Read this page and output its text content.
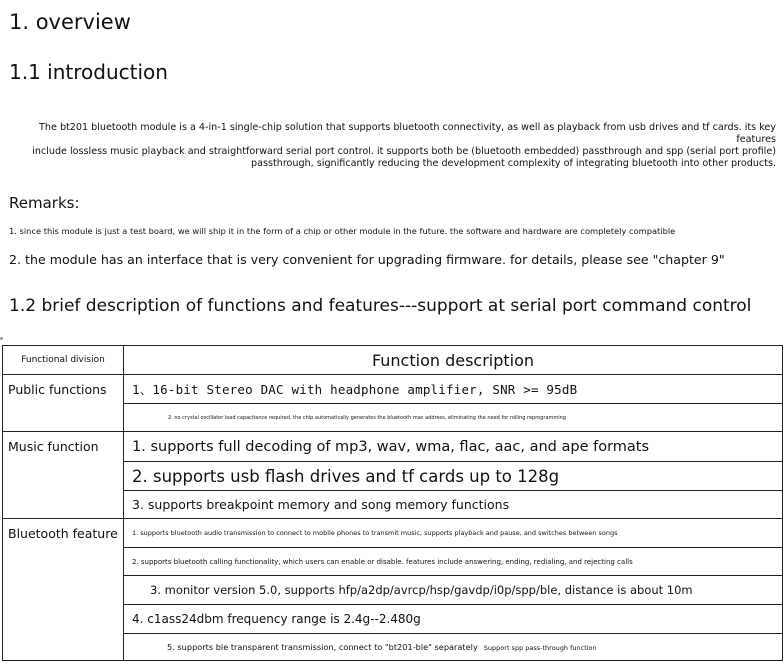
1. overview
1.1 introduction
The bt201 bluetooth module is a 4-in-1 single-chip solution that supports bluetooth connectivity, as well as playback from usb drives and tf cards. its key features
include lossless music playback and straightforward serial port control. it supports both be (bluetooth embedded) passthrough and spp (serial port profile)
passthrough, significantly reducing the development complexity of integrating bluetooth into other products.
Remarks:
1. since this module is just a test board, we will ship it in the form of a chip or other module in the future. the software and hardware are completely compatible
2. the module has an interface that is very convenient for upgrading firmware. for details, please see "chapter 9"
1.2 brief description of functions and features---support at serial port command control
Functional division	Function description
Public functions	1、16-bit Stereo DAC with headphone amplifier, SNR >= 95dB
	2. no crystal oscillator load capacitance required. the chip automatically generates the bluetooth mac address, eliminating the need for rolling reprogramming
Music function	1. supports full decoding of mp3, wav, wma, flac, aac, and ape formats
	2. supports usb flash drives and tf cards up to 128g
	3. supports breakpoint memory and song memory functions
Bluetooth feature	1. supports bluetooth audio transmission to connect to mobile phones to transmit music, supports playback and pause, and switches between songs
	2. supports bluetooth calling functionality, which users can enable or disable. features include answering, ending, redialing, and rejecting calls
	3. monitor version 5.0, supports hfp/a2dp/avrcp/hsp/gavdp/i0p/spp/ble, distance is about 10m
	4. c1ass24dbm frequency range is 2.4g--2.480g
	5. supports ble transparent transmission, connect to "bt201-ble" separately Support spp pass-through function
